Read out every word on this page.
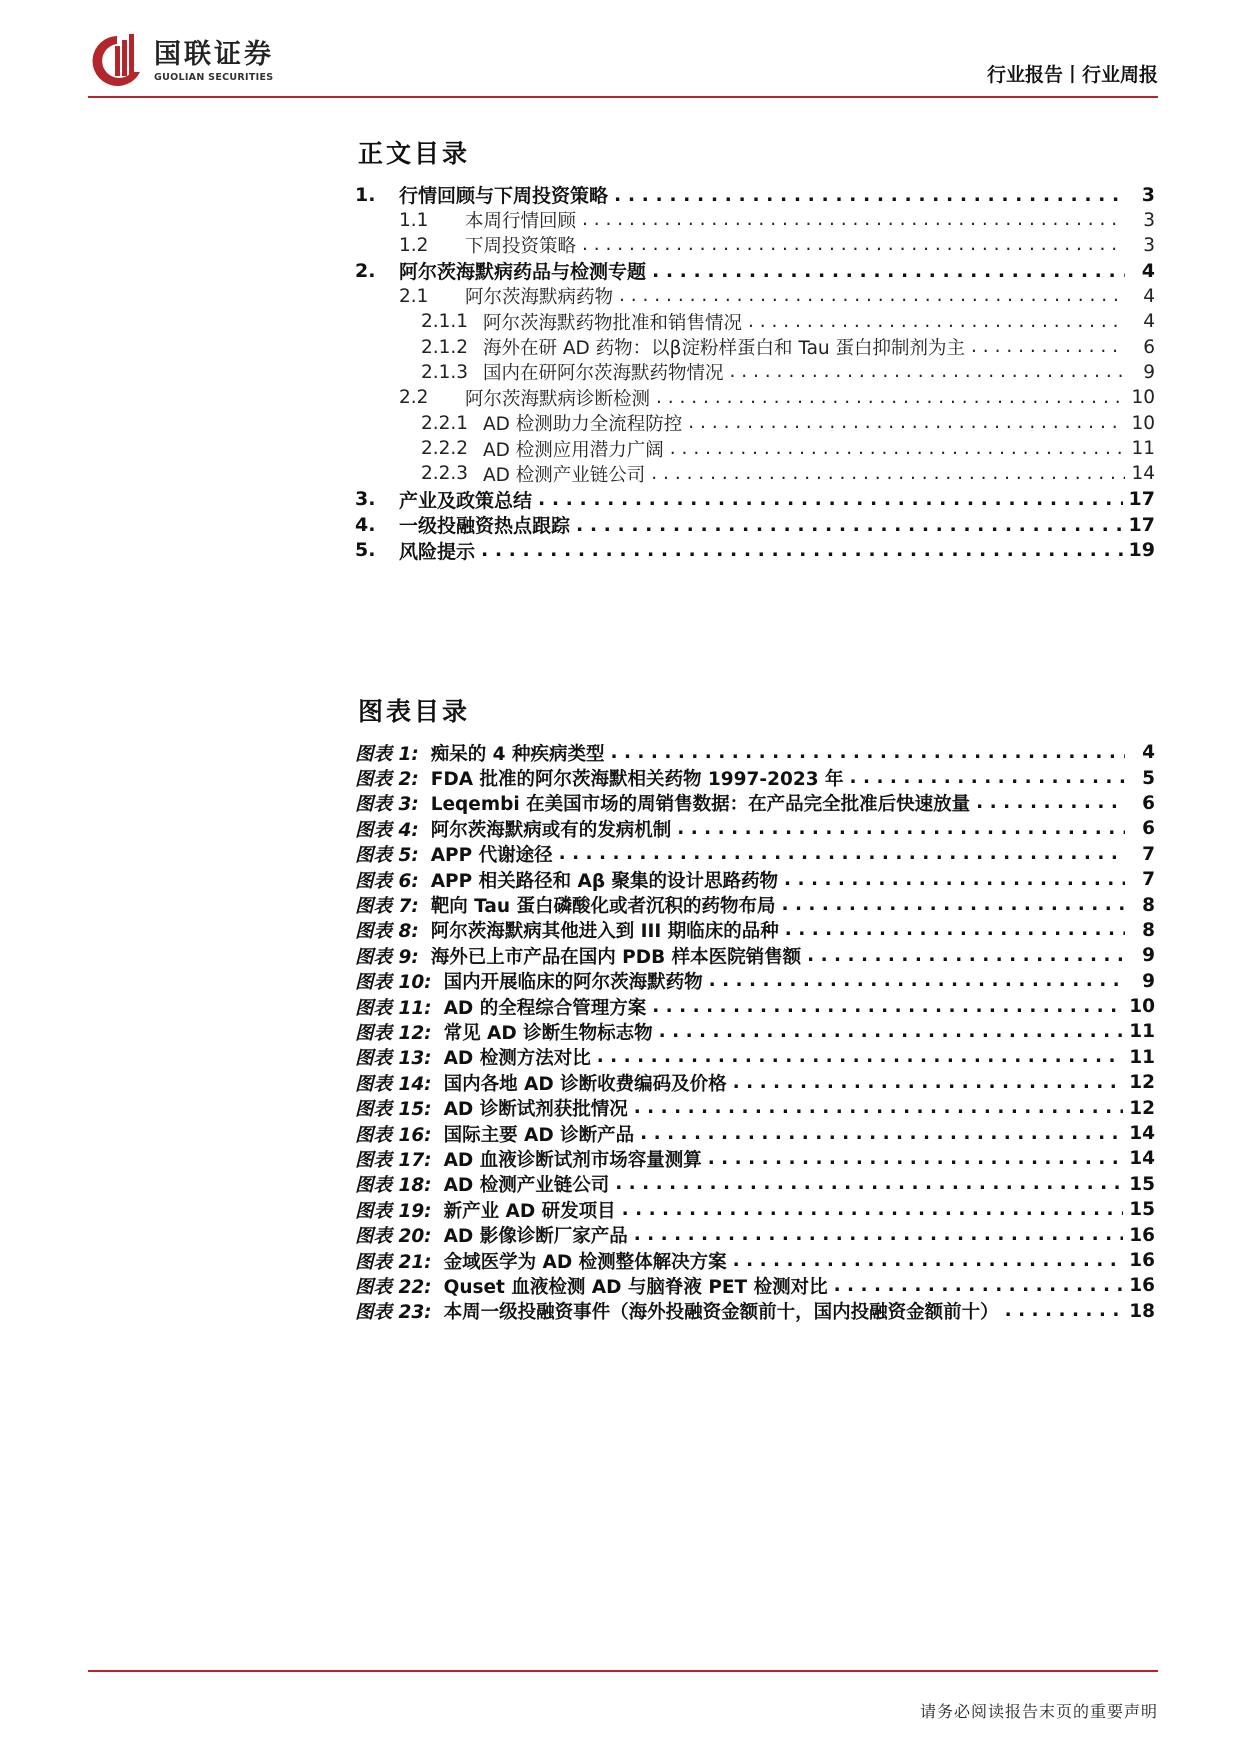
国联证券
GUOLIAN SECURITIES	行业报告丨行业周报
正文目录
1.	行情回顾与下周投资策略 . . .	3
1.1	本周行情回顾 . . .	3
1.2	下周投资策略 . . .	3
2.	阿尔茨海默病药品与检测专题 . . .	4
2.1	阿尔茨海默病药物 . . .	4
2.1.1 阿尔茨海默药物批准和销售情况 . . .	4
2.1.2 海外在研 AD 药物：以β淀粉样蛋白和 Tau 蛋白抑制剂为主 . . .	6
2.1.3 国内在研阿尔茨海默药物情况 . . .	9
2.2	阿尔茨海默病诊断检测 . . .	10
2.2.1 AD 检测助力全流程防控 . . .	10
2.2.2 AD 检测应用潜力广阔 . . .	11
2.2.3 AD 检测产业链公司 . . .	14
3.	产业及政策总结 . . .	17
4.	一级投融资热点跟踪 . . .	17
5.	风险提示 . . .	19
图表目录
图表 1: 痴呆的 4 种疾病类型 . . .	4
图表 2: FDA 批准的阿尔茨海默相关药物 1997-2023 年 . . .	5
图表 3: Leqembi 在美国市场的周销售数据：在产品完全批准后快速放量 . . .	6
图表 4: 阿尔茨海默病或有的发病机制 . . .	6
图表 5: APP 代谢途径 . . .	7
图表 6: APP 相关路径和 Aβ 聚集的设计思路药物 . . .	7
图表 7: 靶向 Tau 蛋白磷酸化或者沉积的药物布局 . . .	8
图表 8: 阿尔茨海默病其他进入到 III 期临床的品种 . . .	8
图表 9: 海外已上市产品在国内 PDB 样本医院销售额 . . .	9
图表 10: 国内开展临床的阿尔茨海默药物 . . .	9
图表 11: AD 的全程综合管理方案 . . .	10
图表 12: 常见 AD 诊断生物标志物 . . .	11
图表 13: AD 检测方法对比 . . .	11
图表 14: 国内各地 AD 诊断收费编码及价格 . . .	12
图表 15: AD 诊断试剂获批情况 . . .	12
图表 16: 国际主要 AD 诊断产品 . . .	14
图表 17: AD 血液诊断试剂市场容量测算 . . .	14
图表 18: AD 检测产业链公司 . . .	15
图表 19: 新产业 AD 研发项目 . . .	15
图表 20: AD 影像诊断厂家产品 . . .	16
图表 21: 金域医学为 AD 检测整体解决方案 . . .	16
图表 22: Quset 血液检测 AD 与脑脊液 PET 检测对比 . . .	16
图表 23: 本周一级投融资事件（海外投融资金额前十，国内投融资金额前十） . . .	18
请务必阅读报告末页的重要声明
